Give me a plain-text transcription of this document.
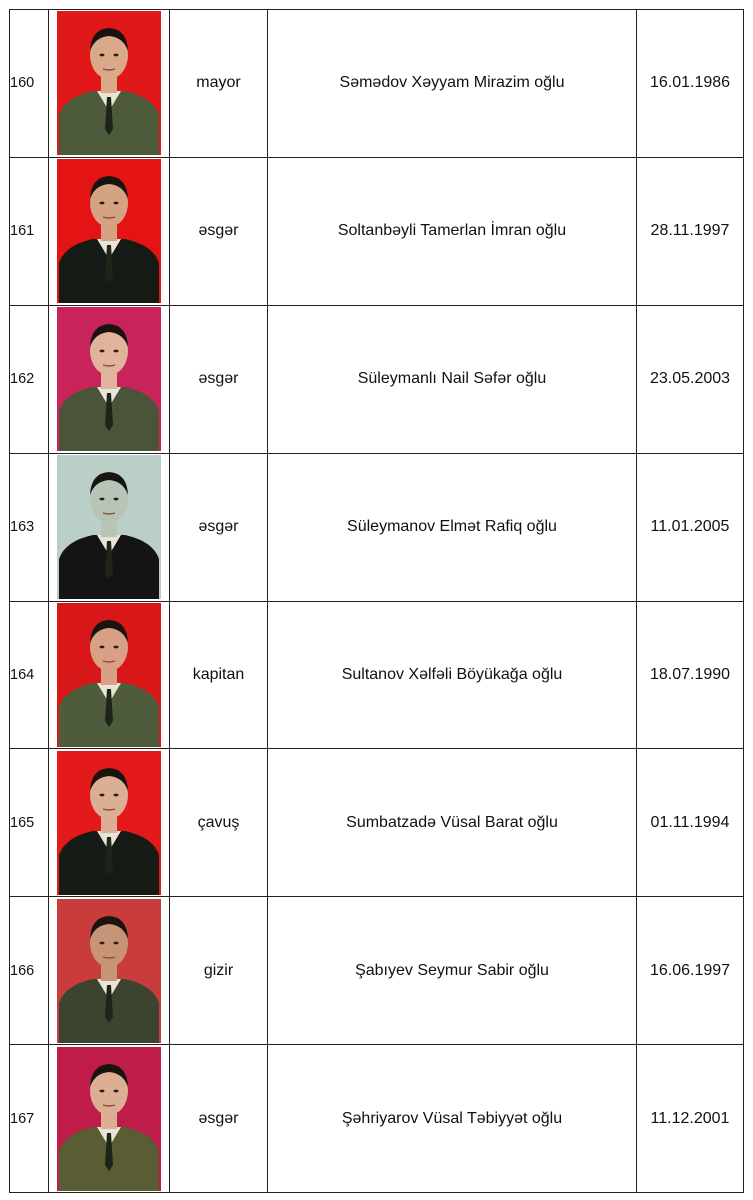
160		mayor	Səmədov Xəyyam Mirazim oğlu	16.01.1986
161		əsgər	Soltanbəyli Tamerlan İmran oğlu	28.11.1997
162		əsgər	Süleymanlı Nail Səfər oğlu	23.05.2003
163		əsgər	Süleymanov Elmət Rafiq oğlu	11.01.2005
164		kapitan	Sultanov Xəlfəli Böyükağa oğlu	18.07.1990
165		çavuş	Sumbatzadə Vüsal Barat oğlu	01.11.1994
166		gizir	Şabıyev Seymur Sabir oğlu	16.06.1997
167		əsgər	Şəhriyarov Vüsal Təbiyyət oğlu	11.12.2001
